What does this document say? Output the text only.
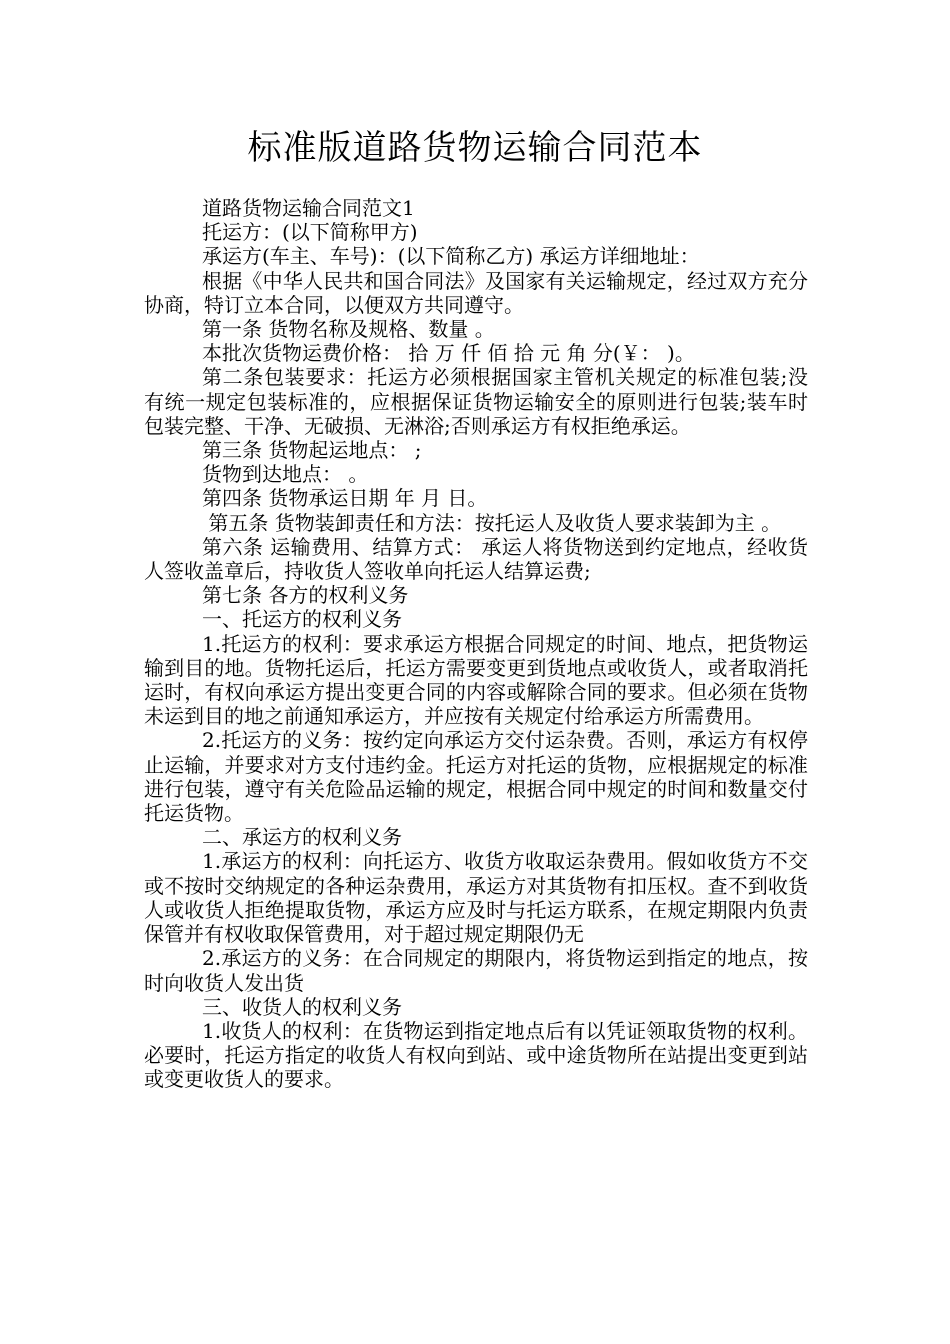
标准版道路货物运输合同范本

道路货物运输合同范文1

托运方：(以下简称甲方)

承运方(车主、车号)：(以下简称乙方) 承运方详细地址：

根据《中华人民共和国合同法》及国家有关运输规定，经过双方充分协商，特订立本合同，以便双方共同遵守。

第一条 货物名称及规格、数量 。

本批次货物运费价格： 拾 万 仟 佰 拾 元 角 分(￥： )。

第二条包装要求：托运方必须根据国家主管机关规定的标准包装;没有统一规定包装标准的，应根据保证货物运输安全的原则进行包装;装车时包装完整、干净、无破损、无淋浴;否则承运方有权拒绝承运。

第三条 货物起运地点： ;

货物到达地点： 。

第四条 货物承运日期 年 月 日。

第五条 货物装卸责任和方法：按托运人及收货人要求装卸为主 。

第六条 运输费用、结算方式： 承运人将货物送到约定地点，经收货人签收盖章后，持收货人签收单向托运人结算运费;

第七条 各方的权利义务

一、托运方的权利义务

1.托运方的权利：要求承运方根据合同规定的时间、地点，把货物运输到目的地。货物托运后，托运方需要变更到货地点或收货人，或者取消托运时，有权向承运方提出变更合同的内容或解除合同的要求。但必须在货物未运到目的地之前通知承运方，并应按有关规定付给承运方所需费用。

2.托运方的义务：按约定向承运方交付运杂费。否则，承运方有权停止运输，并要求对方支付违约金。托运方对托运的货物，应根据规定的标准进行包装，遵守有关危险品运输的规定，根据合同中规定的时间和数量交付托运货物。

二、承运方的权利义务

1.承运方的权利：向托运方、收货方收取运杂费用。假如收货方不交或不按时交纳规定的各种运杂费用，承运方对其货物有扣压权。查不到收货人或收货人拒绝提取货物，承运方应及时与托运方联系，在规定期限内负责保管并有权收取保管费用，对于超过规定期限仍无

2.承运方的义务：在合同规定的期限内，将货物运到指定的地点，按时向收货人发出货

三、收货人的权利义务

1.收货人的权利：在货物运到指定地点后有以凭证领取货物的权利。必要时，托运方指定的收货人有权向到站、或中途货物所在站提出变更到站或变更收货人的要求。
